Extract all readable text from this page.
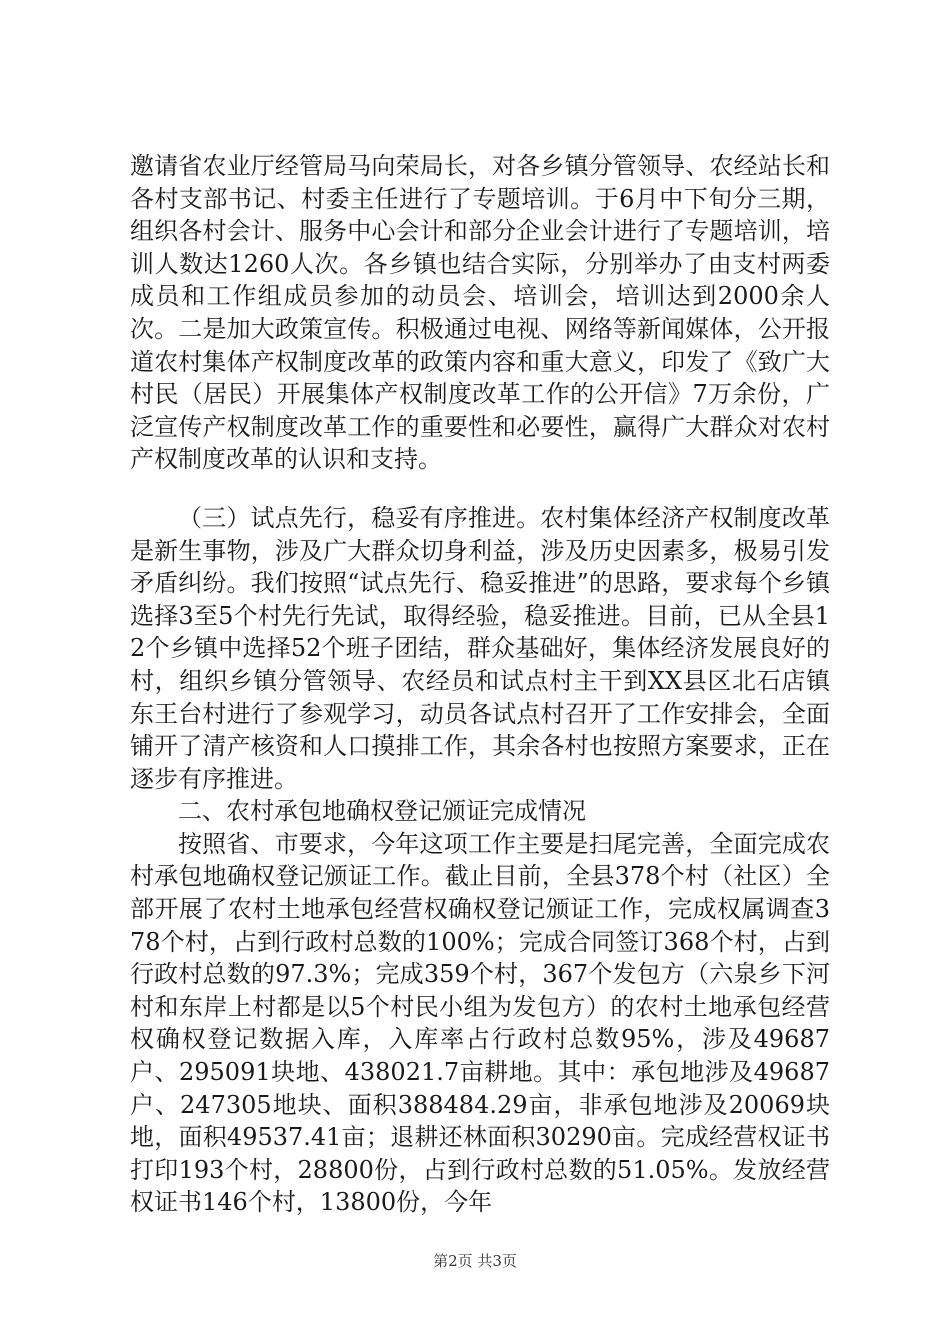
邀请省农业厅经管局马向荣局长，对各乡镇分管领导、农经站长和各村支部书记、村委主任进行了专题培训。于6月中下旬分三期，组织各村会计、服务中心会计和部分企业会计进行了专题培训，培训人数达1260人次。各乡镇也结合实际，分别举办了由支村两委成员和工作组成员参加的动员会、培训会，培训达到2000余人次。二是加大政策宣传。积极通过电视、网络等新闻媒体，公开报道农村集体产权制度改革的政策内容和重大意义，印发了《致广大村民（居民）开展集体产权制度改革工作的公开信》7万余份，广泛宣传产权制度改革工作的重要性和必要性，赢得广大群众对农村产权制度改革的认识和支持。

（三）试点先行，稳妥有序推进。农村集体经济产权制度改革是新生事物，涉及广大群众切身利益，涉及历史因素多，极易引发矛盾纠纷。我们按照“试点先行、稳妥推进”的思路，要求每个乡镇选择3至5个村先行先试，取得经验，稳妥推进。目前，已从全县12个乡镇中选择52个班子团结，群众基础好，集体经济发展良好的村，组织乡镇分管领导、农经员和试点村主干到XX县区北石店镇东王台村进行了参观学习，动员各试点村召开了工作安排会，全面铺开了清产核资和人口摸排工作，其余各村也按照方案要求，正在逐步有序推进。

二、农村承包地确权登记颁证完成情况

按照省、市要求，今年这项工作主要是扫尾完善，全面完成农村承包地确权登记颁证工作。截止目前，全县378个村（社区）全部开展了农村土地承包经营权确权登记颁证工作，完成权属调查378个村，占到行政村总数的100%；完成合同签订368个村，占到行政村总数的97.3%；完成359个村，367个发包方（六泉乡下河村和东岸上村都是以5个村民小组为发包方）的农村土地承包经营权确权登记数据入库，入库率占行政村总数95%，涉及49687户、295091块地、438021.7亩耕地。其中：承包地涉及49687户、247305地块、面积388484.29亩，非承包地涉及20069块地，面积49537.41亩；退耕还林面积30290亩。完成经营权证书打印193个村，28800份，占到行政村总数的51.05%。发放经营权证书146个村，13800份，今年

第2页 共3页
